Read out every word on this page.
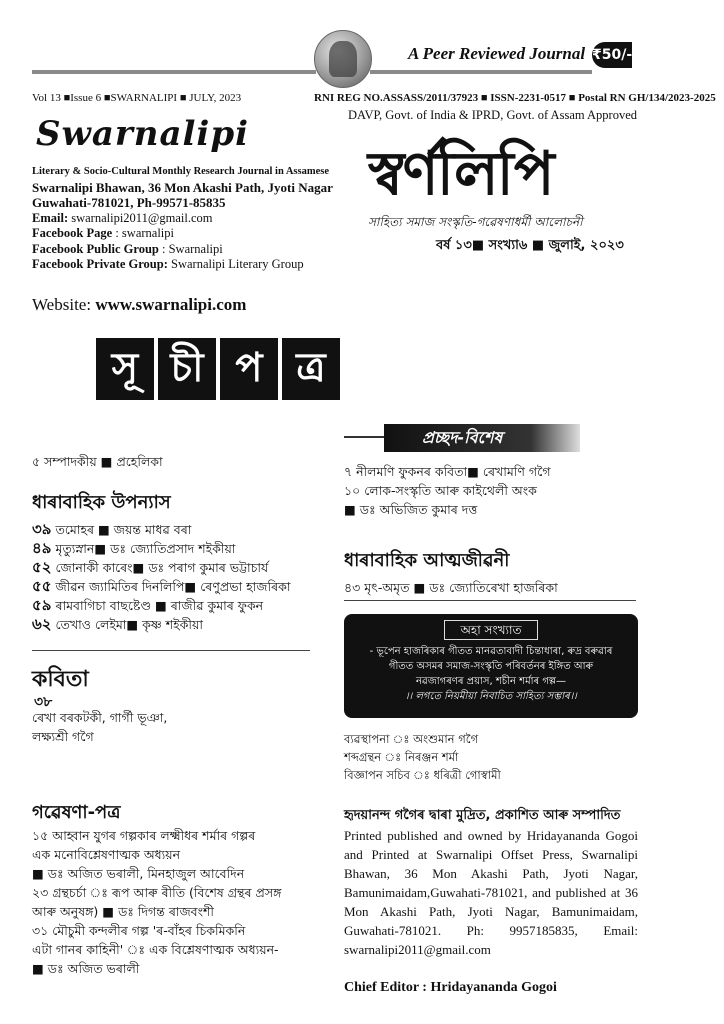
A Peer Reviewed Journal ₹50/-
Vol 13 ■Issue 6 ■SWARNALIPI ■ JULY, 2023	RNI REG NO.ASSASS/2011/37923 ■ ISSN-2231-0517 ■ Postal RN GH/134/2023-2025
DAVP, Govt. of India & IPRD, Govt. of Assam Approved
Swarnalipi
স্বৰ্ণলিপি
সাহিত্য সমাজ সংস্কৃতি-গৱেষণাধৰ্মী আলোচনী
বৰ্ষ ১৩■ সংখ্যা৬ ■ জুলাই, ২০২৩
Literary & Socio-Cultural Monthly Research Journal in Assamese
Swarnalipi Bhawan, 36 Mon Akashi Path, Jyoti Nagar
Guwahati-781021, Ph-99571-85835
Email: swarnalipi2011@gmail.com
Facebook Page : swarnalipi
Facebook Public Group : Swarnalipi
Facebook Private Group: Swarnalipi Literary Group
Website: www.swarnalipi.com
সূ চী প ত্ৰ
প্ৰচ্ছদ-বিশেষ
৫ সম্পাদকীয় ■ প্ৰহেলিকা
ধাৰাবাহিক উপন্যাস
৩৯ তমোহৰ ■ জয়ন্ত মাধৱ বৰা
৪৯ মৃত্যুস্নান■ ডঃ জ্যোতিপ্ৰসাদ শইকীয়া
৫২ জোনাকী কাৰেং■ ডঃ পৰাগ কুমাৰ ভট্টাচাৰ্য
৫৫ জীৱন জ্যামিতিৰ দিনলিপি■ ৰেণুপ্ৰভা হাজৰিকা
৫৯ ৰামবাগিচা বাছষ্টেণ্ড ■ ৰাজীৱ কুমাৰ ফুকন
৬২ তেখাও লেইমা■ কৃষ্ণ শইকীয়া
কবিতা
৩৮
ৰেখা বৰকটকী, গাৰ্গী ভূঞা,
লক্ষ্যশ্ৰী গগৈ
গৱেষণা-পত্ৰ
১৫ আহ্বান যুগৰ গল্পকাৰ লক্ষ্মীধৰ শৰ্মাৰ গল্পৰ
এক মনোবিশ্লেষণাত্মক অধ্যয়ন
■ ডঃ অজিত ভৰালী, মিনহাজুল আবেদিন
২৩ গ্ৰন্থচৰ্চা ঃ ৰূপ আৰু ৰীতি (বিশেষ গ্ৰন্থৰ প্ৰসঙ্গ
আৰু অনুষঙ্গ) ■ ডঃ দিগন্ত ৰাজবংশী
৩১ মৌচুমী কন্দলীৰ গল্প 'ৰ-বাঁহৰ চিকমিকনি
এটা গানৰ কাহিনী' ঃ এক বিশ্লেষণাত্মক অধ্যয়ন-
■ ডঃ অজিত ভৰালী
৭ নীলমণি ফুকনৰ কবিতা■ ৰেখামণি গগৈ
১০ লোক-সংস্কৃতি আৰু কাইথেলী অংক
■ ডঃ অভিজিত কুমাৰ দত্ত
ধাৰাবাহিক আত্মজীৱনী
৪৩ মৃৎ-অমৃত ■ ডঃ জ্যোতিৰেখা হাজৰিকা
অহা সংখ্যাত
- ভূপেন হাজৰিকাৰ গীতত মানৱতাবাদী চিন্তাধাৰা, ৰুদ্ৰ বৰুৱাৰ
গীতত অসমৰ সমাজ-সংস্কৃতি পৰিবৰ্তনৰ ইঙ্গিত আৰু
নৱজাগৰণৰ প্ৰয়াস, শচীন শৰ্মাৰ গল্প—
।। লগতে নিয়মীয়া নিবাচিত সাহিত্য সম্ভাৰ।।
ব্যৱস্থাপনা ঃ অংশুমান গগৈ
শব্দগ্ৰন্থন ঃ নিৰঞ্জন শৰ্মা
বিজ্ঞাপন সচিব ঃ ধৰিত্ৰী গোস্বামী
হৃদয়ানন্দ গগৈৰ দ্বাৰা মুদ্ৰিত, প্ৰকাশিত আৰু সম্পাদিত
Printed published and owned by Hridayananda Gogoi and Printed at Swarnalipi Offset Press, Swarnalipi Bhawan, 36 Mon Akashi Path, Jyoti Nagar, Bamunimaidam,Guwahati-781021, and published at 36 Mon Akashi Path, Jyoti Nagar, Bamunimaidam, Guwahati-781021. Ph: 9957185835, Email: swarnalipi2011@gmail.com
Chief Editor : Hridayananda Gogoi
